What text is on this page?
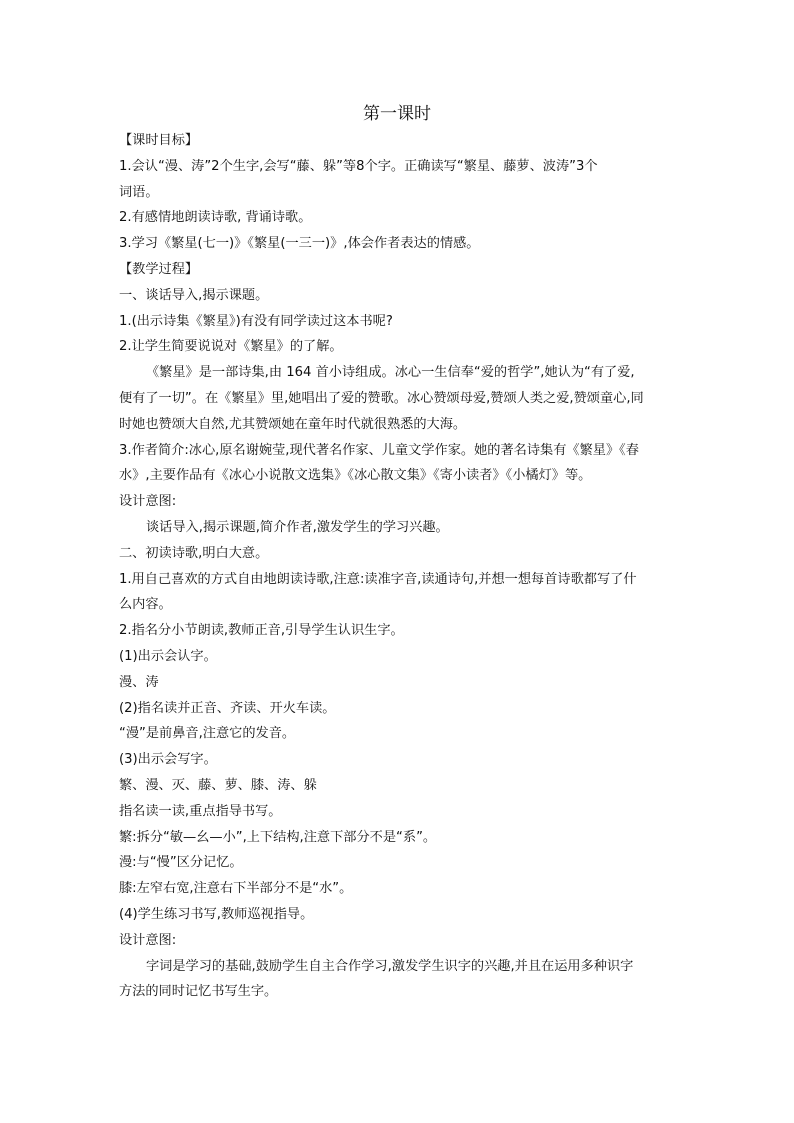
第一课时

【课时目标】

1.会认“漫、涛”2个生字,会写“藤、躲”等8个字。正确读写“繁星、藤萝、波涛”3个

词语。

2.有感情地朗读诗歌, 背诵诗歌。

3.学习《繁星(七一)》《繁星(一三一)》,体会作者表达的情感。

【教学过程】

一、谈话导入,揭示课题。

1.(出示诗集《繁星》)有没有同学读过这本书呢?

2.让学生简要说说对《繁星》的了解。

《繁星》是一部诗集,由 164 首小诗组成。冰心一生信奉“爱的哲学”,她认为“有了爱,

便有了一切”。在《繁星》里,她唱出了爱的赞歌。冰心赞颂母爱,赞颂人类之爱,赞颂童心,同

时她也赞颂大自然,尤其赞颂她在童年时代就很熟悉的大海。

3.作者简介:冰心,原名谢婉莹,现代著名作家、儿童文学作家。她的著名诗集有《繁星》《春

水》,主要作品有《冰心小说散文选集》《冰心散文集》《寄小读者》《小橘灯》等。

设计意图:

谈话导入,揭示课题,简介作者,激发学生的学习兴趣。

二、初读诗歌,明白大意。

1.用自己喜欢的方式自由地朗读诗歌,注意:读准字音,读通诗句,并想一想每首诗歌都写了什

么内容。

2.指名分小节朗读,教师正音,引导学生认识生字。

(1)出示会认字。

漫、涛

(2)指名读并正音、齐读、开火车读。

“漫”是前鼻音,注意它的发音。

(3)出示会写字。

繁、漫、灭、藤、萝、膝、涛、躲

指名读一读,重点指导书写。

繁:拆分“敏—幺—小”,上下结构,注意下部分不是“系”。

漫:与“慢”区分记忆。

膝:左窄右宽,注意右下半部分不是“水”。

(4)学生练习书写,教师巡视指导。

设计意图:

字词是学习的基础,鼓励学生自主合作学习,激发学生识字的兴趣,并且在运用多种识字

方法的同时记忆书写生字。
